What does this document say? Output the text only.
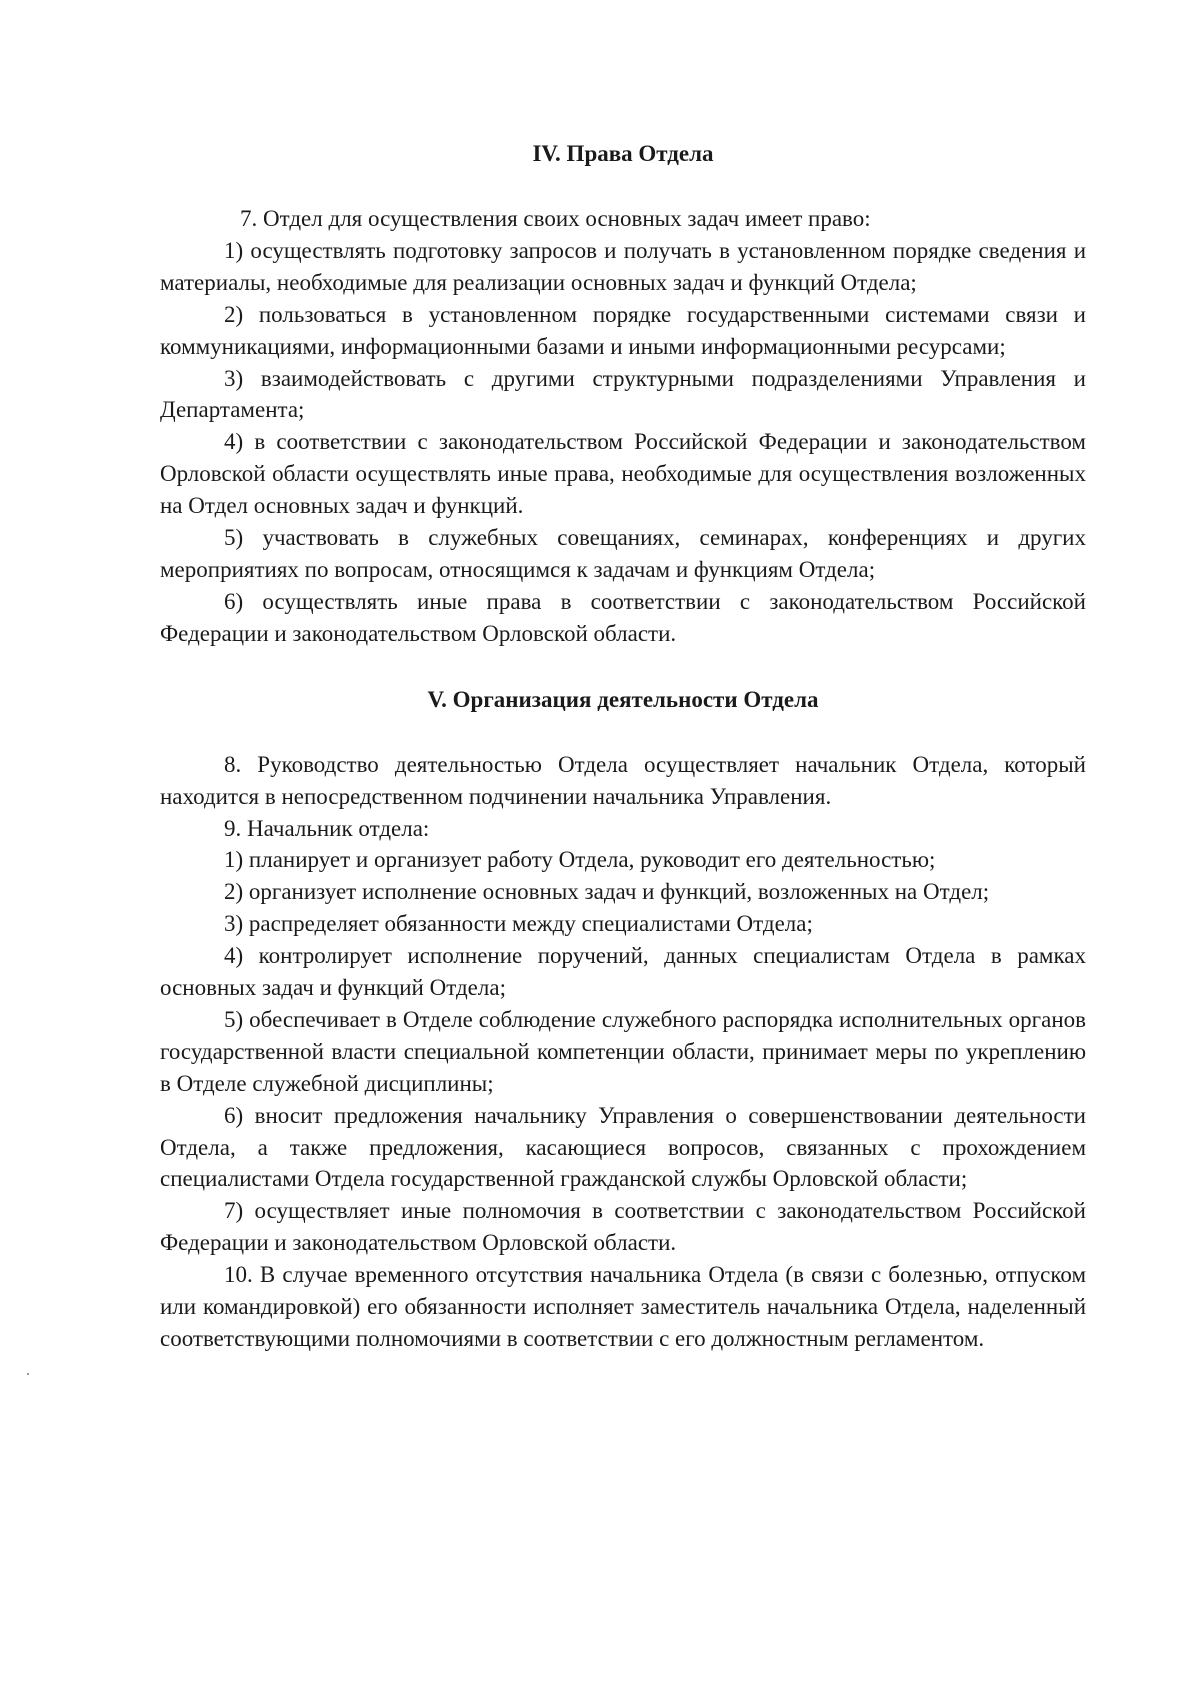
IV. Права Отдела

7. Отдел для осуществления своих основных задач имеет право:

1) осуществлять подготовку запросов и получать в установленном порядке сведения и материалы, необходимые для реализации основных задач и функций Отдела;

2) пользоваться в установленном порядке государственными системами связи и коммуникациями, информационными базами и иными информационными ресурсами;

3) взаимодействовать с другими структурными подразделениями Управления и Департамента;

4) в соответствии с законодательством Российской Федерации и законодательством Орловской области осуществлять иные права, необходимые для осуществления возложенных на Отдел основных задач и функций.

5) участвовать в служебных совещаниях, семинарах, конференциях и других мероприятиях по вопросам, относящимся к задачам и функциям Отдела;

6) осуществлять иные права в соответствии с законодательством Российской Федерации и законодательством Орловской области.

V. Организация деятельности Отдела

8. Руководство деятельностью Отдела осуществляет начальник Отдела, который находится в непосредственном подчинении начальника Управления.

9. Начальник отдела:

1) планирует и организует работу Отдела, руководит его деятельностью;

2) организует исполнение основных задач и функций, возложенных на Отдел;

3) распределяет обязанности между специалистами Отдела;

4) контролирует исполнение поручений, данных специалистам Отдела в рамках основных задач и функций Отдела;

5) обеспечивает в Отделе соблюдение служебного распорядка исполнительных органов государственной власти специальной компетенции области, принимает меры по укреплению в Отделе служебной дисциплины;

6) вносит предложения начальнику Управления о совершенствовании деятельности Отдела, а также предложения, касающиеся вопросов, связанных с прохождением специалистами Отдела государственной гражданской службы Орловской области;

7) осуществляет иные полномочия в соответствии с законодательством Российской Федерации и законодательством Орловской области.

10. В случае временного отсутствия начальника Отдела (в связи с болезнью, отпуском или командировкой) его обязанности исполняет заместитель начальника Отдела, наделенный соответствующими полномочиями в соответствии с его должностным регламентом.
